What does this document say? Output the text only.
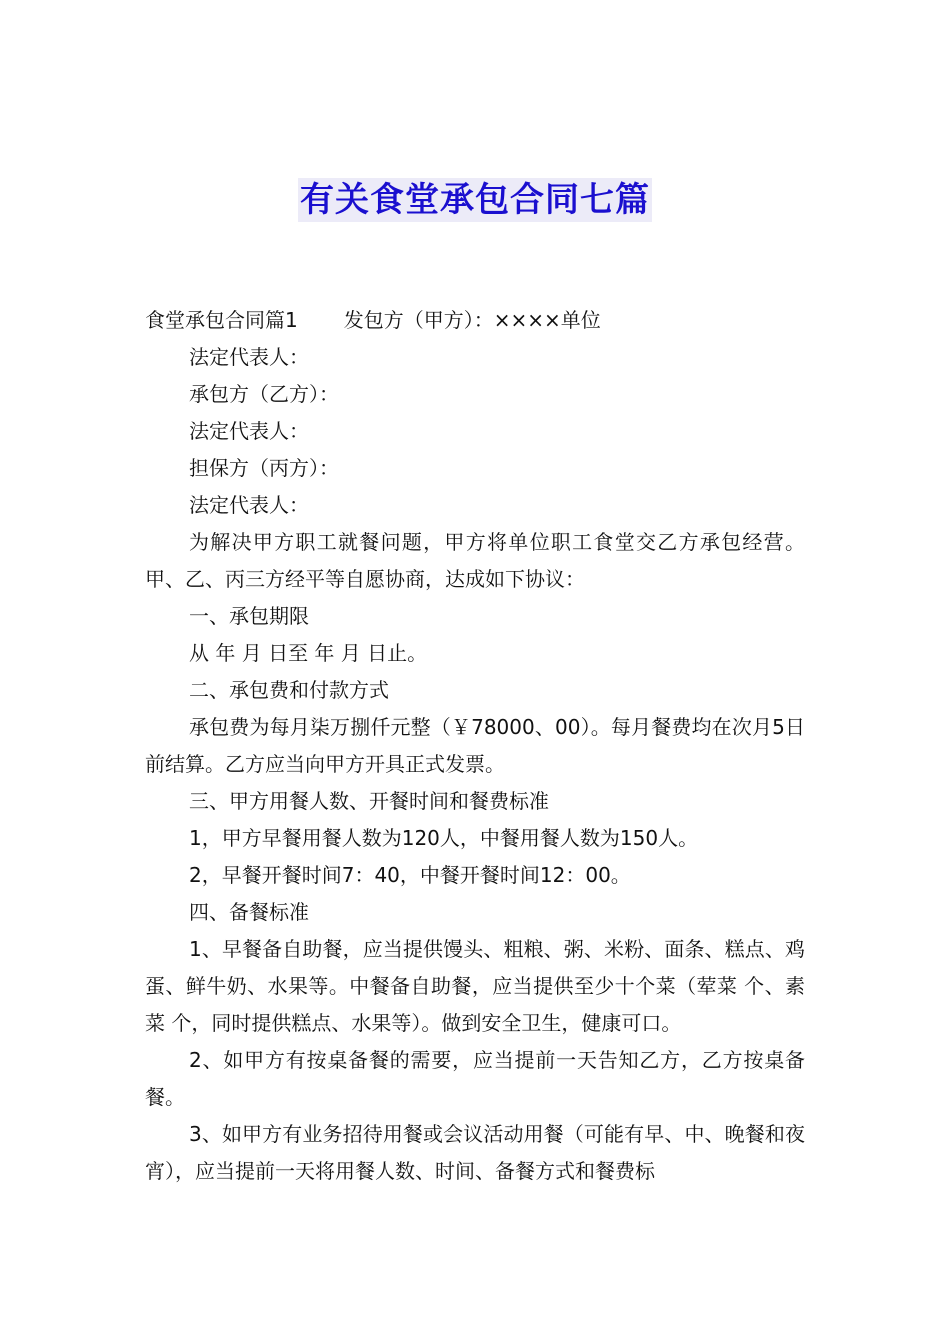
有关食堂承包合同七篇

食堂承包合同篇1 发包方（甲方）：××××单位

法定代表人：

承包方（乙方）：

法定代表人：

担保方（丙方）：

法定代表人：

为解决甲方职工就餐问题，甲方将单位职工食堂交乙方承包经营。甲、乙、丙三方经平等自愿协商，达成如下协议：

一、承包期限

从 年 月 日至 年 月 日止。

二、承包费和付款方式

承包费为每月柒万捌仟元整（￥78000、00）。每月餐费均在次月5日前结算。乙方应当向甲方开具正式发票。

三、甲方用餐人数、开餐时间和餐费标准

1，甲方早餐用餐人数为120人，中餐用餐人数为150人。

2，早餐开餐时间7：40，中餐开餐时间12：00。

四、备餐标准

1、早餐备自助餐，应当提供馒头、粗粮、粥、米粉、面条、糕点、鸡蛋、鲜牛奶、水果等。中餐备自助餐，应当提供至少十个菜（荤菜 个、素菜 个，同时提供糕点、水果等）。做到安全卫生，健康可口。

2、如甲方有按桌备餐的需要，应当提前一天告知乙方，乙方按桌备餐。

3、如甲方有业务招待用餐或会议活动用餐（可能有早、中、晚餐和夜宵），应当提前一天将用餐人数、时间、备餐方式和餐费标
